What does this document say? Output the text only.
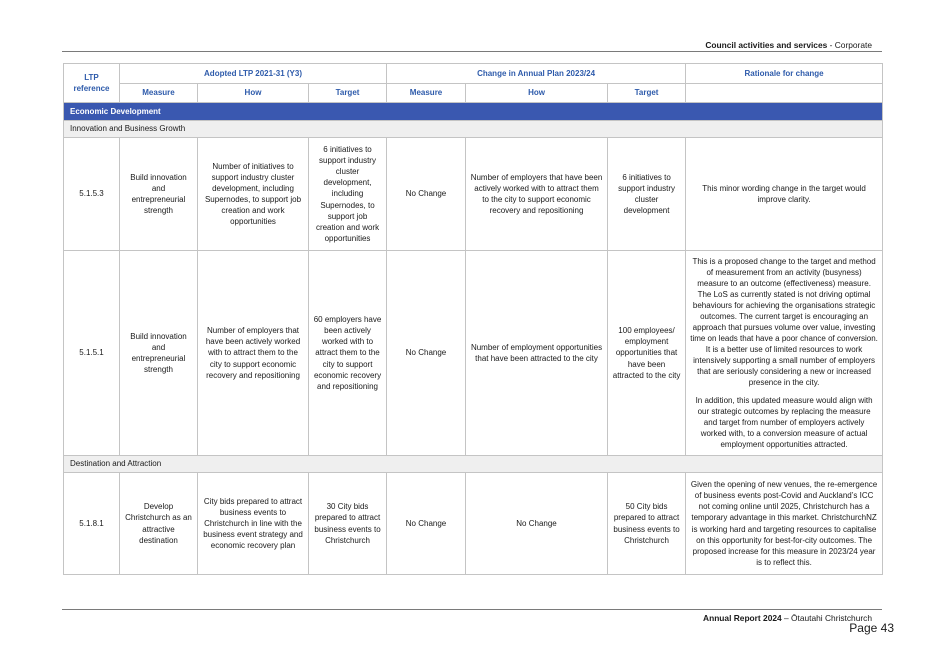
Council activities and services - Corporate
LTP reference	Adopted LTP 2021-31 (Y3)			Change in Annual Plan 2023/24			Rationale for change
	Measure	How	Target	Measure	How	Target	
Economic Development							
Innovation and Business Growth							
5.1.5.3	Build innovation and entrepreneurial strength	Number of initiatives to support industry cluster development, including Supernodes, to support job creation and work opportunities	6 initiatives to support industry cluster development, including Supernodes, to support job creation and work opportunities	No Change	Number of employers that have been actively worked with to attract them to the city to support economic recovery and repositioning	6 initiatives to support industry cluster development	This minor wording change in the target would improve clarity.

5.1.5.1	Build innovation and entrepreneurial strength	Number of employers that have been actively worked with to attract them to the city to support economic recovery and repositioning	60 employers have been actively worked with to attract them to the city to support economic recovery and repositioning	No Change	Number of employment opportunities that have been attracted to the city	100 employees/ employment opportunities that have been attracted to the city	This is a proposed change to the target and method of measurement from an activity (busyness) measure to an outcome (effectiveness) measure. The LoS as currently stated is not driving optimal behaviours for achieving the organisations strategic outcomes. The current target is encouraging an approach that pursues volume over value, investing time on leads that have a poor chance of conversion. It is a better use of limited resources to work intensively supporting a small number of employers that are seriously considering a new or increased presence in the city.

In addition, this updated measure would align with our strategic outcomes by replacing the measure and target from number of employers actively worked with, to a conversion measure of actual employment opportunities attracted.

Destination and Attraction							
5.1.8.1	Develop Christchurch as an attractive destination	City bids prepared to attract business events to Christchurch in line with the business event strategy and economic recovery plan	30 City bids prepared to attract business events to Christchurch	No Change	No Change	50 City bids prepared to attract business events to Christchurch	Given the opening of new venues, the re-emergence of business events post-Covid and Auckland’s ICC not coming online until 2025, Christchurch has a temporary advantage in this market. ChristchurchNZ is working hard and targeting resources to capitalise on this opportunity for best-for-city outcomes. The proposed increase for this measure in 2023/24 year is to reflect this.

Annual Report 2024 – Ōtautahi Christchurch
Page 43
